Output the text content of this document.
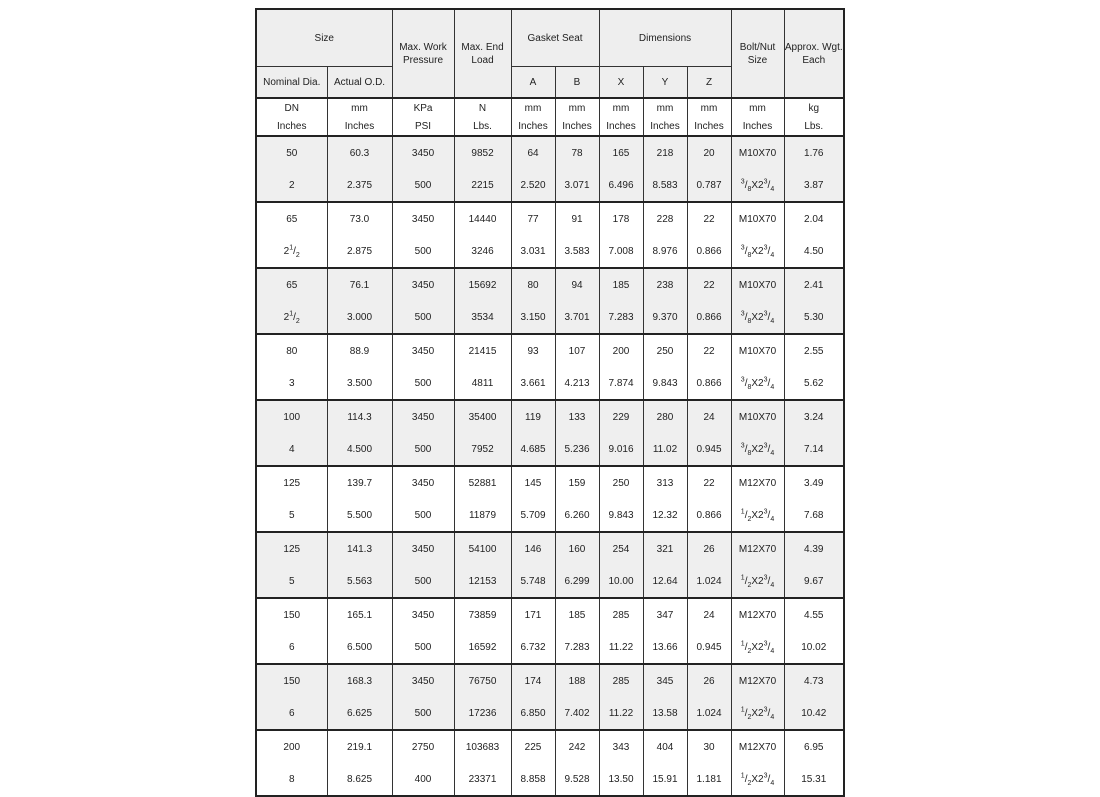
Size		Max. Work Pressure	Max. End Load	Gasket Seat		Dimensions			Bolt/Nut Size	Approx. Wgt. Each
Nominal Dia.	Actual O.D.			A	B	X	Y	Z		
DN	mm	KPa	N	mm	mm	mm	mm	mm	mm	kg
Inches	Inches	PSI	Lbs.	Inches	Inches	Inches	Inches	Inches	Inches	Lbs.
50	60.3	3450	9852	64	78	165	218	20	M10X70	1.76
2	2.375	500	2215	2.520	3.071	6.496	8.583	0.787	$^3/_8X2^3/_4$	3.87
65	73.0	3450	14440	77	91	178	228	22	M10X70	2.04
$2^1/_2$	2.875	500	3246	3.031	3.583	7.008	8.976	0.866	$^3/_8X2^3/_4$	4.50
65	76.1	3450	15692	80	94	185	238	22	M10X70	2.41
$2^1/_2$	3.000	500	3534	3.150	3.701	7.283	9.370	0.866	$^3/_8X2^3/_4$	5.30
80	88.9	3450	21415	93	107	200	250	22	M10X70	2.55
3	3.500	500	4811	3.661	4.213	7.874	9.843	0.866	$^3/_8X2^3/_4$	5.62
100	114.3	3450	35400	119	133	229	280	24	M10X70	3.24
4	4.500	500	7952	4.685	5.236	9.016	11.02	0.945	$^3/_8X2^3/_4$	7.14
125	139.7	3450	52881	145	159	250	313	22	M12X70	3.49
5	5.500	500	11879	5.709	6.260	9.843	12.32	0.866	$^1/_2X2^3/_4$	7.68
125	141.3	3450	54100	146	160	254	321	26	M12X70	4.39
5	5.563	500	12153	5.748	6.299	10.00	12.64	1.024	$^1/_2X2^3/_4$	9.67
150	165.1	3450	73859	171	185	285	347	24	M12X70	4.55
6	6.500	500	16592	6.732	7.283	11.22	13.66	0.945	$^1/_2X2^3/_4$	10.02
150	168.3	3450	76750	174	188	285	345	26	M12X70	4.73
6	6.625	500	17236	6.850	7.402	11.22	13.58	1.024	$^1/_2X2^3/_4$	10.42
200	219.1	2750	103683	225	242	343	404	30	M12X70	6.95
8	8.625	400	23371	8.858	9.528	13.50	15.91	1.181	$^1/_2X2^3/_4$	15.31
